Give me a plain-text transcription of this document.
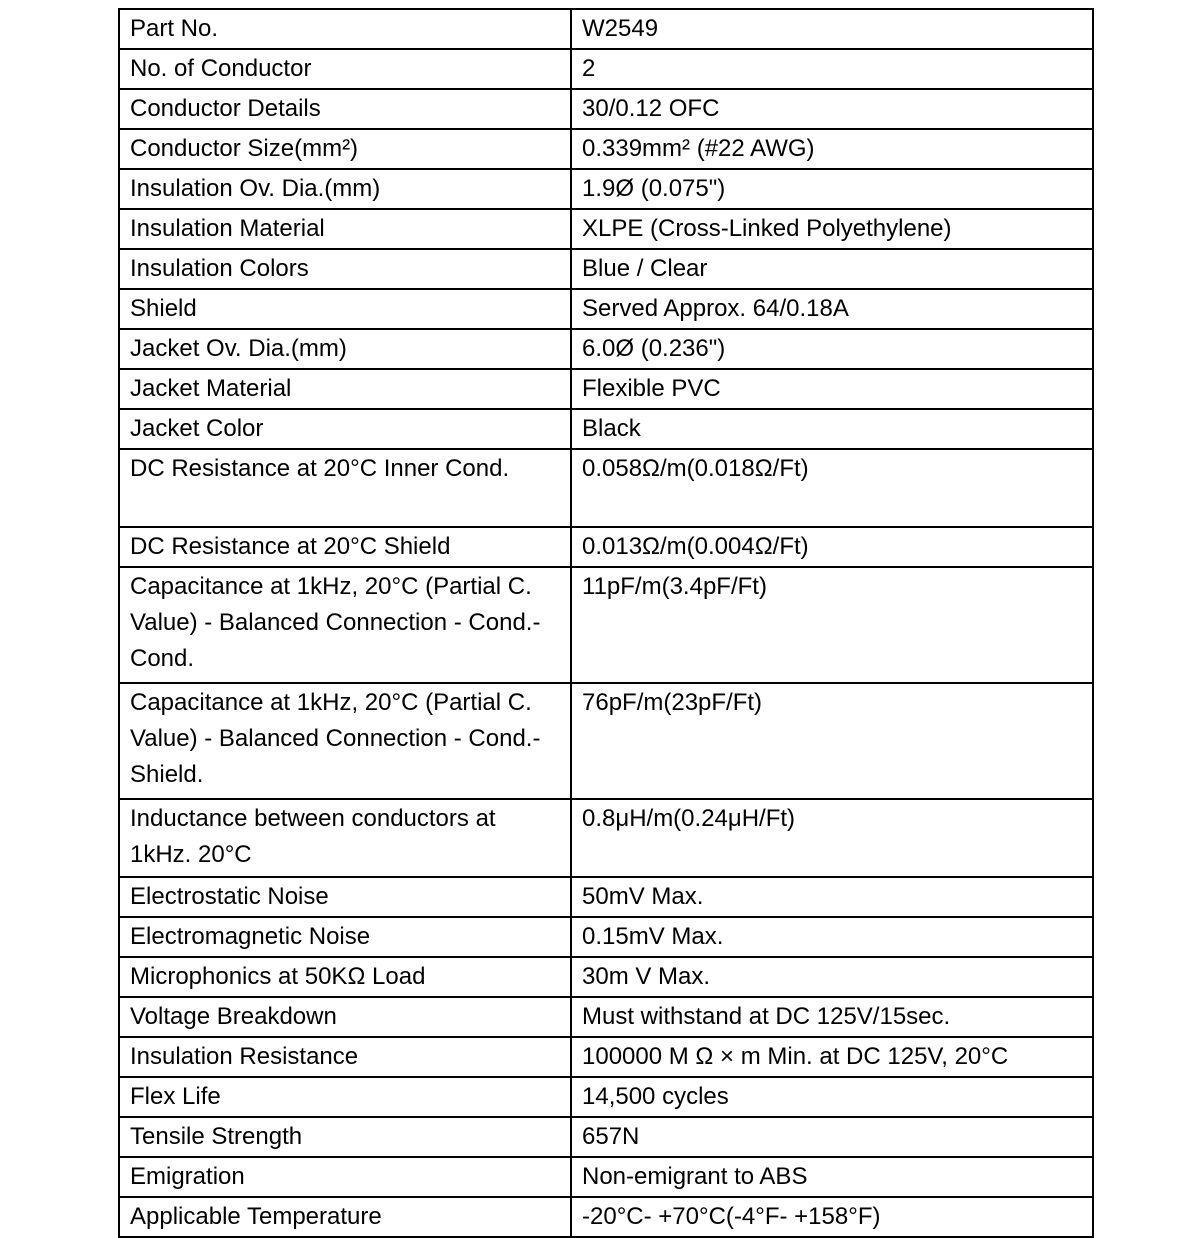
Part No.	W2549
No. of Conductor	2
Conductor Details	30/0.12 OFC
Conductor Size(mm²)	0.339mm² (#22 AWG)
Insulation Ov. Dia.(mm)	1.9Ø (0.075")
Insulation Material	XLPE (Cross-Linked Polyethylene)
Insulation Colors	Blue / Clear
Shield	Served Approx. 64/0.18A
Jacket Ov. Dia.(mm)	6.0Ø (0.236")
Jacket Material	Flexible PVC
Jacket Color	Black
DC Resistance at 20°C Inner Cond.	0.058Ω/m(0.018Ω/Ft)
DC Resistance at 20°C Shield	0.013Ω/m(0.004Ω/Ft)
Capacitance at 1kHz, 20°C (Partial C. Value) - Balanced Connection - Cond.-Cond.	11pF/m(3.4pF/Ft)
Capacitance at 1kHz, 20°C (Partial C. Value) - Balanced Connection - Cond.- Shield.	76pF/m(23pF/Ft)
Inductance between conductors at 1kHz. 20°C	0.8μH/m(0.24μH/Ft)
Electrostatic Noise	50mV Max.
Electromagnetic Noise	0.15mV Max.
Microphonics at 50KΩ Load	30m V Max.
Voltage Breakdown	Must withstand at DC 125V/15sec.
Insulation Resistance	100000 M Ω × m Min. at DC 125V, 20°C
Flex Life	14,500 cycles
Tensile Strength	657N
Emigration	Non-emigrant to ABS
Applicable Temperature	-20°C- +70°C(-4°F- +158°F)
